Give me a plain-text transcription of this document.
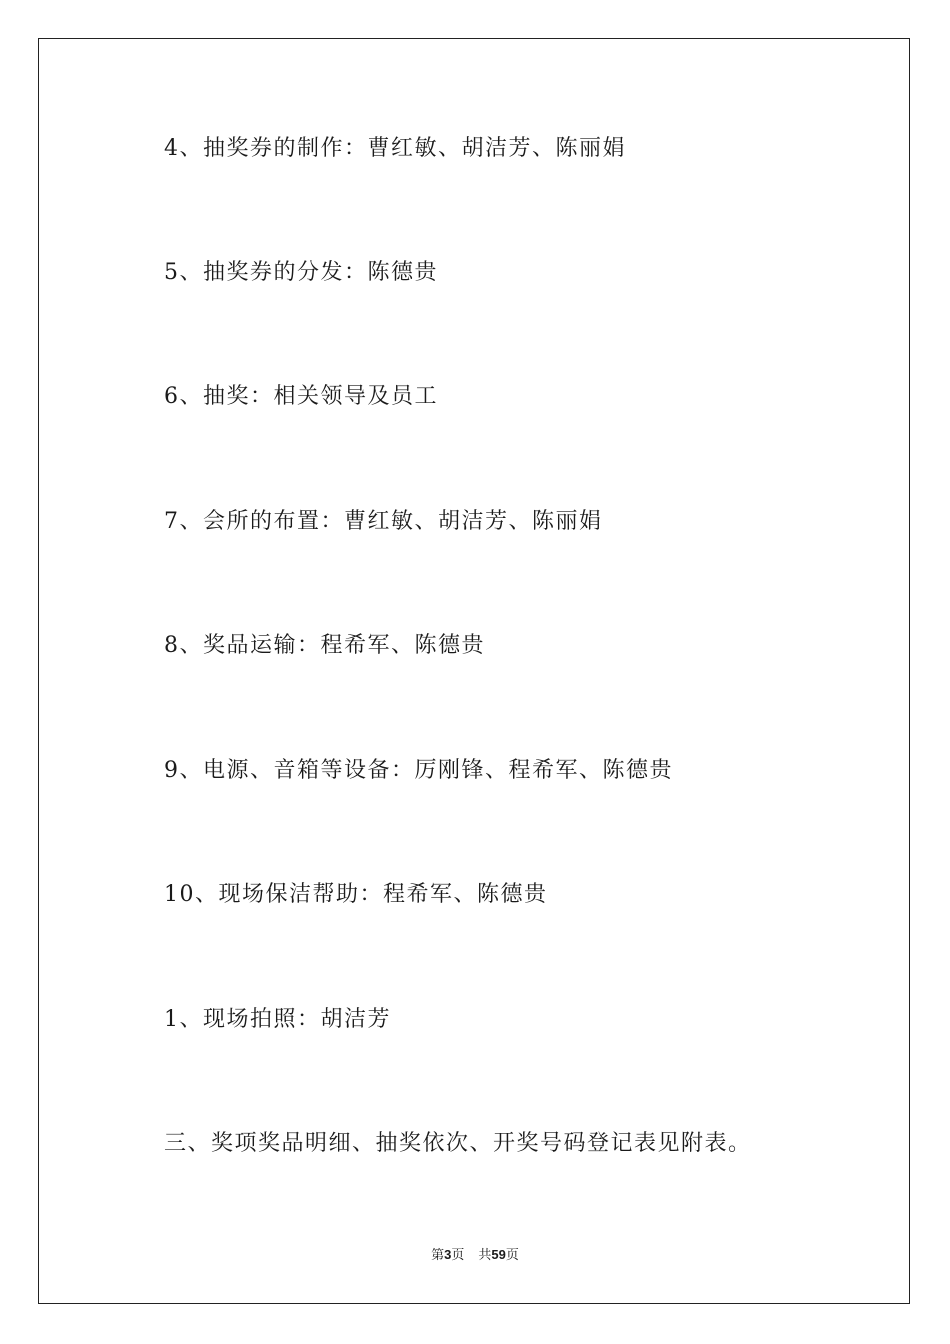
4、抽奖券的制作：曹红敏、胡洁芳、陈丽娟
5、抽奖券的分发：陈德贵
6、抽奖：相关领导及员工
7、会所的布置：曹红敏、胡洁芳、陈丽娟
8、奖品运输：程希军、陈德贵
9、电源、音箱等设备：厉刚锋、程希军、陈德贵
10、现场保洁帮助：程希军、陈德贵
1、现场拍照：胡洁芳
三、奖项奖品明细、抽奖依次、开奖号码登记表见附表。
第3页 共59页
